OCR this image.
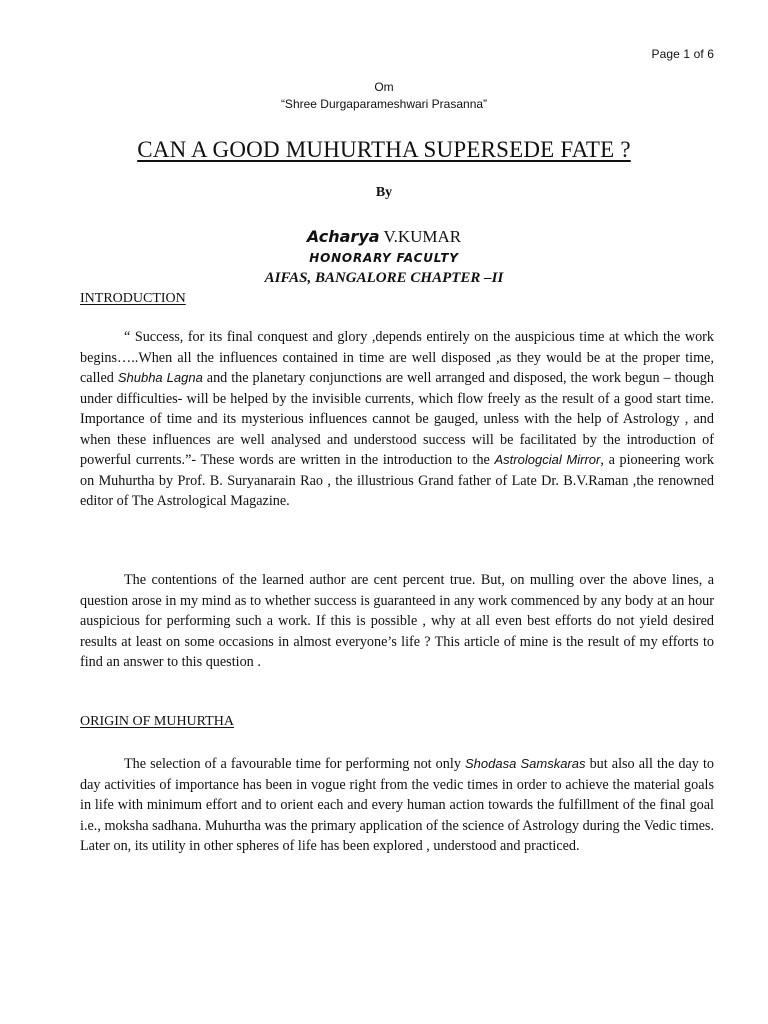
Page 1 of 6
Om
“Shree Durgaparameshwari Prasanna”
CAN A GOOD MUHURTHA SUPERSEDE FATE ?
By
Acharya V.KUMAR
HONORARY FACULTY
AIFAS, BANGALORE CHAPTER –II
INTRODUCTION

“ Success, for its final conquest and glory ,depends entirely on the auspicious time at which the work begins…..When all the influences contained in time are well disposed ,as they would be at the proper time, called Shubha Lagna and the planetary conjunctions are well arranged and disposed, the work begun – though under difficulties- will be helped by the invisible currents, which flow freely as the result of a good start time. Importance of time and its mysterious influences cannot be gauged, unless with the help of Astrology , and when these influences are well analysed and understood success will be facilitated by the introduction of powerful currents.”- These words are written in the introduction to the Astrologcial Mirror, a pioneering work on Muhurtha by Prof. B. Suryanarain Rao , the illustrious Grand father of Late Dr. B.V.Raman ,the renowned editor of The Astrological Magazine.

The contentions of the learned author are cent percent true. But, on mulling over the above lines, a question arose in my mind as to whether success is guaranteed in any work commenced by any body at an hour auspicious for performing such a work. If this is possible , why at all even best efforts do not yield desired results at least on some occasions in almost everyone’s life ? This article of mine is the result of my efforts to find an answer to this question .

ORIGIN OF MUHURTHA

The selection of a favourable time for performing not only Shodasa Samskaras but also all the day to day activities of importance has been in vogue right from the vedic times in order to achieve the material goals in life with minimum effort and to orient each and every human action towards the fulfillment of the final goal i.e., moksha sadhana. Muhurtha was the primary application of the science of Astrology during the Vedic times. Later on, its utility in other spheres of life has been explored , understood and practiced.
